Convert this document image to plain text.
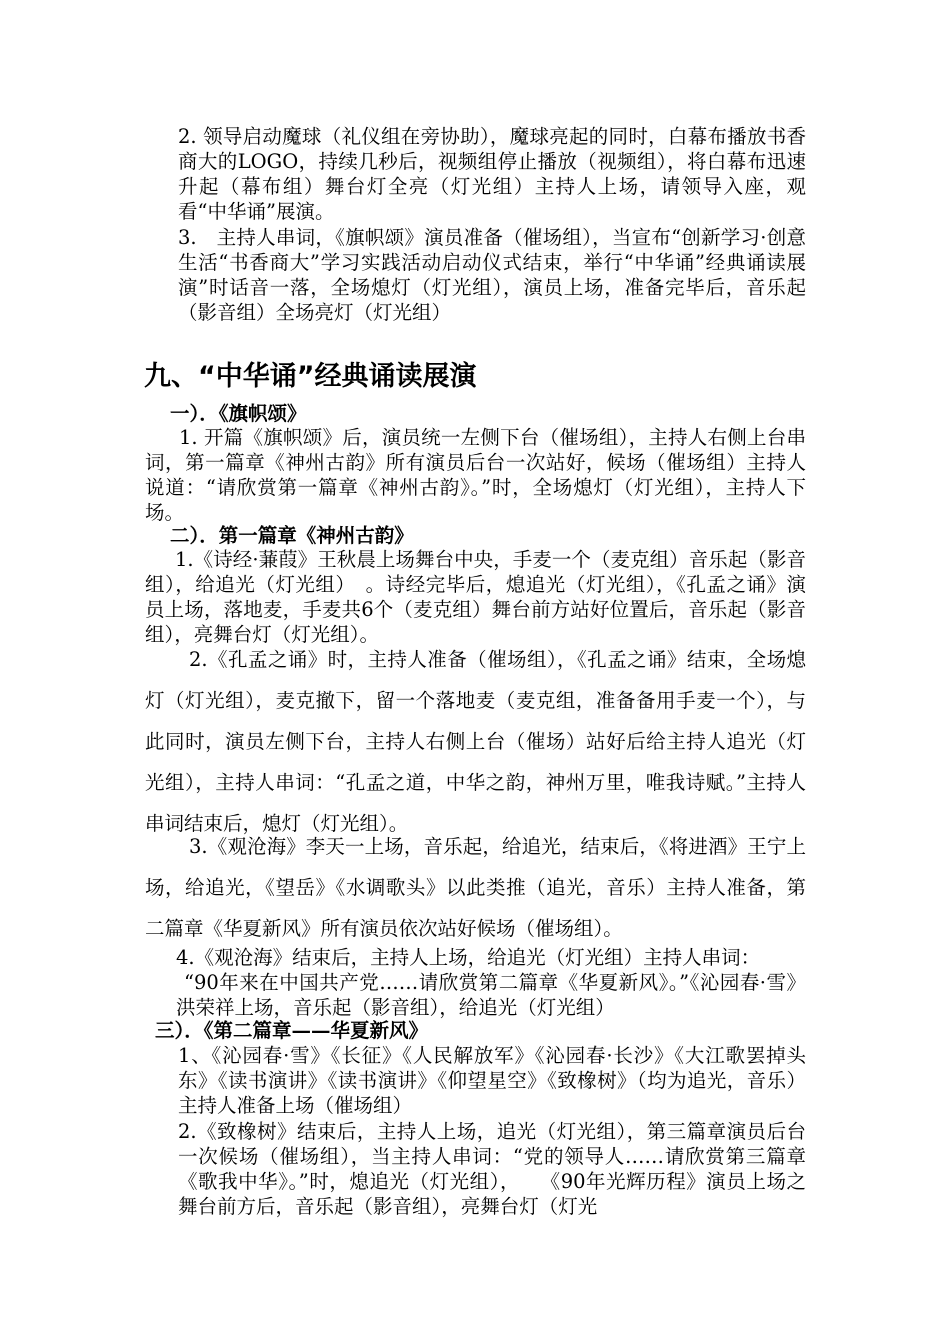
2. 领导启动魔球（礼仪组在旁协助），魔球亮起的同时，白幕布播放书香商大的LOGO，持续几秒后，视频组停止播放（视频组），将白幕布迅速升起（幕布组）舞台灯全亮（灯光组）主持人上场，请领导入座，观看“中华诵”展演。

3.　主持人串词，《旗帜颂》演员准备（催场组），当宣布“创新学习·创意生活“书香商大”学习实践活动启动仪式结束，举行“中华诵”经典诵读展演”时话音一落，全场熄灯（灯光组），演员上场，准备完毕后，音乐起（影音组）全场亮灯（灯光组）

九、“中华诵”经典诵读展演
一）．《旗帜颂》

1. 开篇《旗帜颂》后，演员统一左侧下台（催场组），主持人右侧上台串词，第一篇章《神州古韵》所有演员后台一次站好，候场（催场组）主持人说道：“请欣赏第一篇章《神州古韵》。”时，全场熄灯（灯光组），主持人下场。

二）．第一篇章《神州古韵》

1.《诗经·蒹葭》王秋晨上场舞台中央，手麦一个（麦克组）音乐起（影音组），给追光（灯光组）　。诗经完毕后，熄追光（灯光组），《孔孟之诵》演员上场，落地麦，手麦共6个（麦克组）舞台前方站好位置后，音乐起（影音组），亮舞台灯（灯光组）。

2.《孔孟之诵》时，主持人准备（催场组），《孔孟之诵》结束，全场熄灯（灯光组），麦克撤下，留一个落地麦（麦克组，准备备用手麦一个），与此同时，演员左侧下台，主持人右侧上台（催场）站好后给主持人追光（灯光组），主持人串词：“孔孟之道，中华之韵，神州万里，唯我诗赋。”主持人串词结束后，熄灯（灯光组）。

3.《观沧海》李天一上场，音乐起，给追光，结束后，《将进酒》王宁上场，给追光，《望岳》《水调歌头》以此类推（追光，音乐）主持人准备，第二篇章《华夏新风》所有演员依次站好候场（催场组）。

4.《观沧海》结束后，主持人上场，给追光（灯光组）主持人串词：

“90年来在中国共产党……请欣赏第二篇章《华夏新风》。”《沁园春·雪》洪荣祥上场，音乐起（影音组），给追光（灯光组）

三）．《第二篇章——华夏新风》

1、《沁园春·雪》《长征》《人民解放军》《沁园春·长沙》《大江歌罢掉头东》《读书演讲》《读书演讲》《仰望星空》《致橡树》（均为追光，音乐）主持人准备上场（催场组）

2.《致橡树》结束后，主持人上场，追光（灯光组），第三篇章演员后台一次候场（催场组），当主持人串词：“党的领导人……请欣赏第三篇章《歌我中华》。”时，熄追光（灯光组），　　《90年光辉历程》演员上场之舞台前方后，音乐起（影音组），亮舞台灯（灯光
